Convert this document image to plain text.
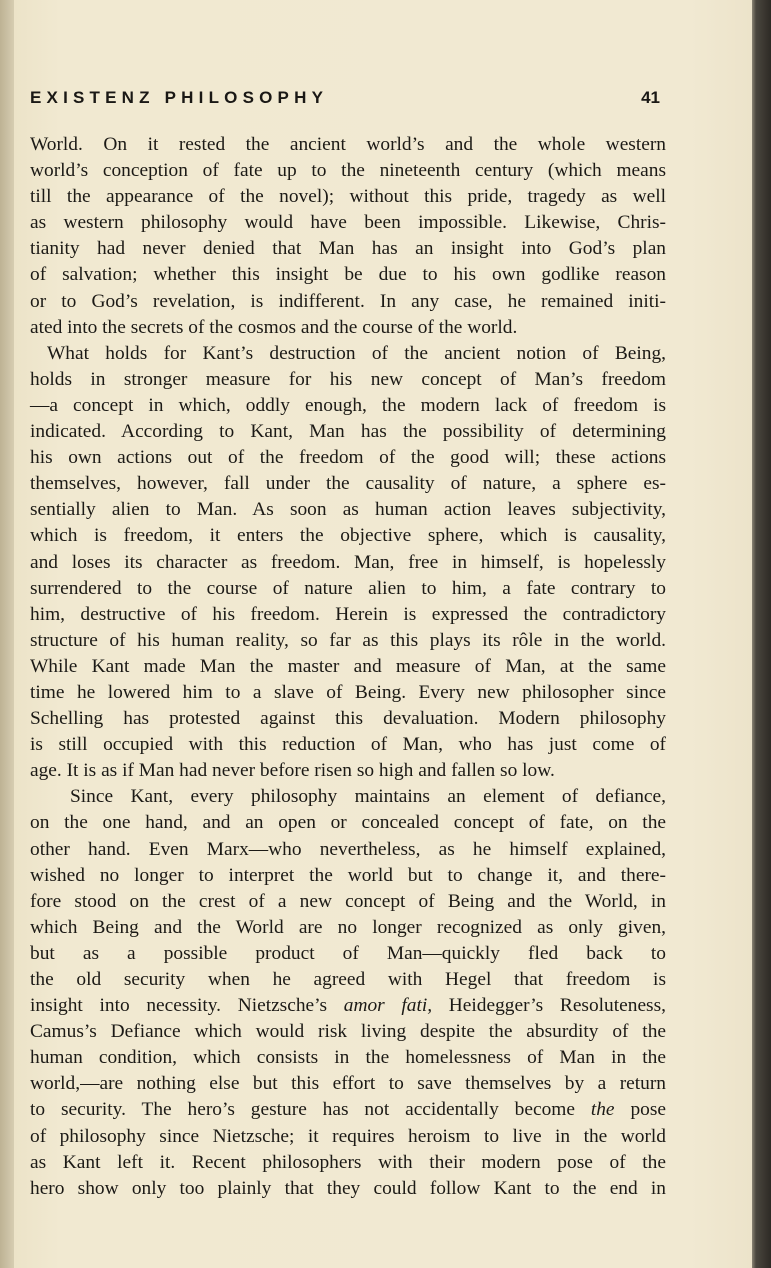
EXISTENZ PHILOSOPHY	41
World. On it rested the ancient world’s and the whole western
world’s conception of fate up to the nineteenth century (which means
till the appearance of the novel); without this pride, tragedy as well
as western philosophy would have been impossible. Likewise, Chris-
tianity had never denied that Man has an insight into God’s plan
of salvation; whether this insight be due to his own godlike reason
or to God’s revelation, is indifferent. In any case, he remained initi-
ated into the secrets of the cosmos and the course of the world.
What holds for Kant’s destruction of the ancient notion of Being,
holds in stronger measure for his new concept of Man’s freedom
—a concept in which, oddly enough, the modern lack of freedom is
indicated. According to Kant, Man has the possibility of determining
his own actions out of the freedom of the good will; these actions
themselves, however, fall under the causality of nature, a sphere es-
sentially alien to Man. As soon as human action leaves subjectivity,
which is freedom, it enters the objective sphere, which is causality,
and loses its character as freedom. Man, free in himself, is hopelessly
surrendered to the course of nature alien to him, a fate contrary to
him, destructive of his freedom. Herein is expressed the contradictory
structure of his human reality, so far as this plays its rôle in the world.
While Kant made Man the master and measure of Man, at the same
time he lowered him to a slave of Being. Every new philosopher since
Schelling has protested against this devaluation. Modern philosophy
is still occupied with this reduction of Man, who has just come of
age. It is as if Man had never before risen so high and fallen so low.
Since Kant, every philosophy maintains an element of defiance,
on the one hand, and an open or concealed concept of fate, on the
other hand. Even Marx—who nevertheless, as he himself explained,
wished no longer to interpret the world but to change it, and there-
fore stood on the crest of a new concept of Being and the World, in
which Being and the World are no longer recognized as only given,
but as a possible product of Man—quickly fled back to
the old security when he agreed with Hegel that freedom is
insight into necessity. Nietzsche’s amor fati, Heidegger’s Resoluteness,
Camus’s Defiance which would risk living despite the absurdity of the
human condition, which consists in the homelessness of Man in the
world,—are nothing else but this effort to save themselves by a return
to security. The hero’s gesture has not accidentally become the pose
of philosophy since Nietzsche; it requires heroism to live in the world
as Kant left it. Recent philosophers with their modern pose of the
hero show only too plainly that they could follow Kant to the end in
